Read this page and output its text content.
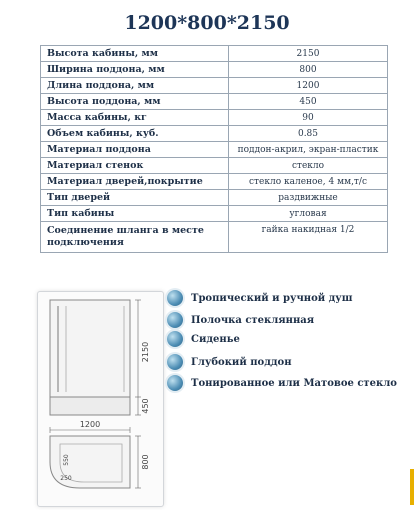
1200*800*2150
Высота кабины, мм	2150
Ширина поддона, мм	800
Длина поддона, мм	1200
Высота поддона, мм	450
Масса кабины, кг	90
Объем кабины, куб.	0.85
Материал поддона	поддон-акрил, экран-пластик
Материал стенок	стекло
Материал дверей,покрытие	стекло каленое, 4 мм,т/с
Тип дверей	раздвижные
Тип кабины	угловая
Соединение шланга в месте подключения	гайка накидная 1/2
2150
450
1200
550
250
800
Тропический и ручной душ
Полочка стеклянная
Сиденье
Глубокий поддон
Тонированное или Матовое стекло
